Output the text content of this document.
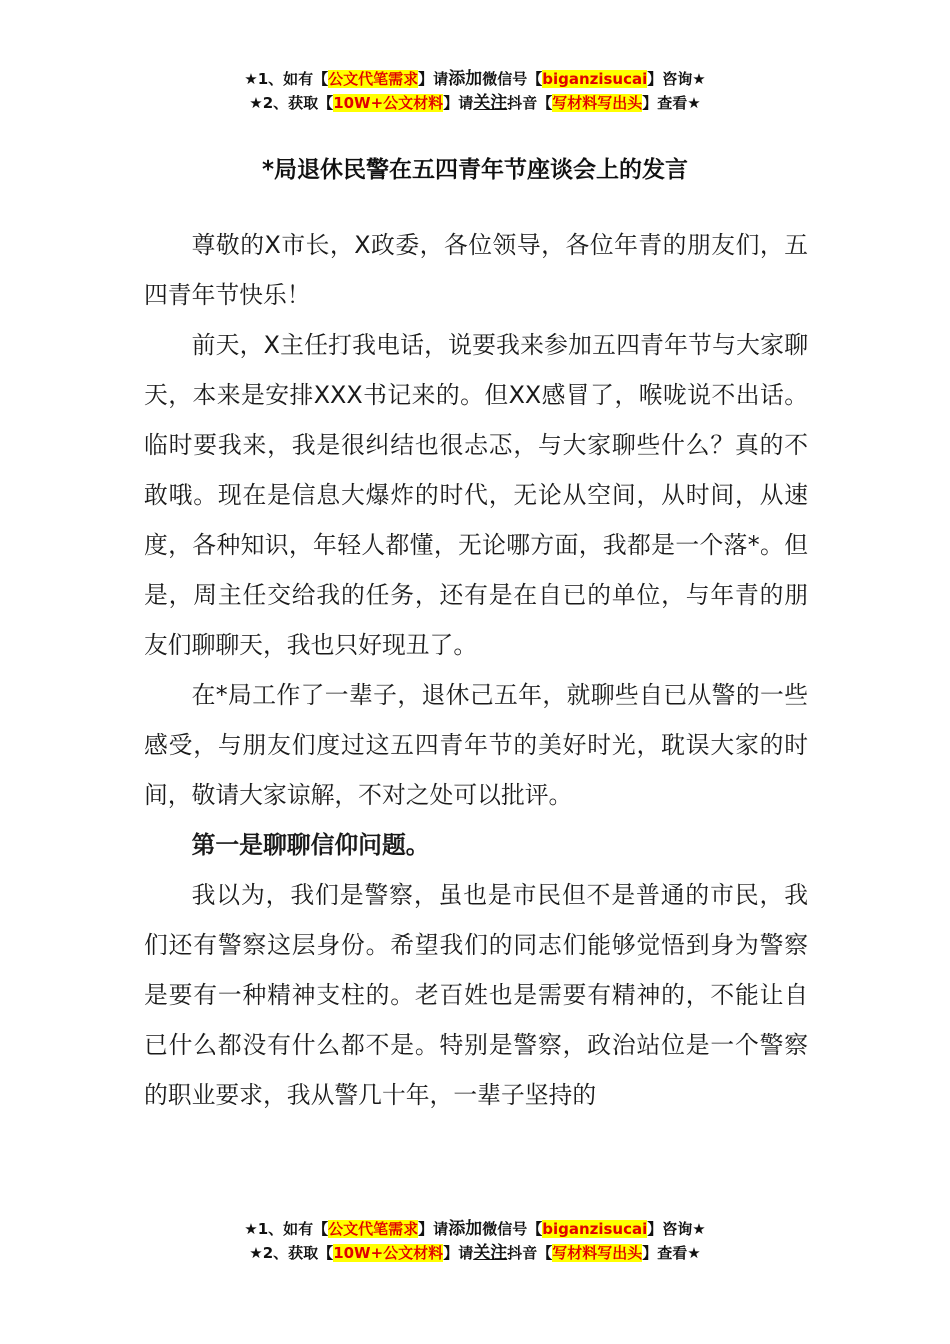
★1、如有【公文代笔需求】请添加微信号【biganzisucai】咨询★
★2、获取【10W+公文材料】请关注抖音【写材料写出头】查看★
*局退休民警在五四青年节座谈会上的发言

尊敬的X市长，X政委，各位领导，各位年青的朋友们，五四青年节快乐！

前天，X主任打我电话，说要我来参加五四青年节与大家聊天，本来是安排XXX书记来的。但XX感冒了，喉咙说不出话。临时要我来，我是很纠结也很忐忑，与大家聊些什么？真的不敢哦。现在是信息大爆炸的时代，无论从空间，从时间，从速度，各种知识，年轻人都懂，无论哪方面，我都是一个落*。但是，周主任交给我的任务，还有是在自已的单位，与年青的朋友们聊聊天，我也只好现丑了。

在*局工作了一辈子，退休己五年，就聊些自已从警的一些感受，与朋友们度过这五四青年节的美好时光，耽误大家的时间，敬请大家谅解，不对之处可以批评。

第一是聊聊信仰问题。

我以为，我们是警察，虽也是市民但不是普通的市民，我们还有警察这层身份。希望我们的同志们能够觉悟到身为警察是要有一种精神支柱的。老百姓也是需要有精神的，不能让自已什么都没有什么都不是。特别是警察，政治站位是一个警察的职业要求，我从警几十年，一辈子坚持的

★1、如有【公文代笔需求】请添加微信号【biganzisucai】咨询★
★2、获取【10W+公文材料】请关注抖音【写材料写出头】查看★
